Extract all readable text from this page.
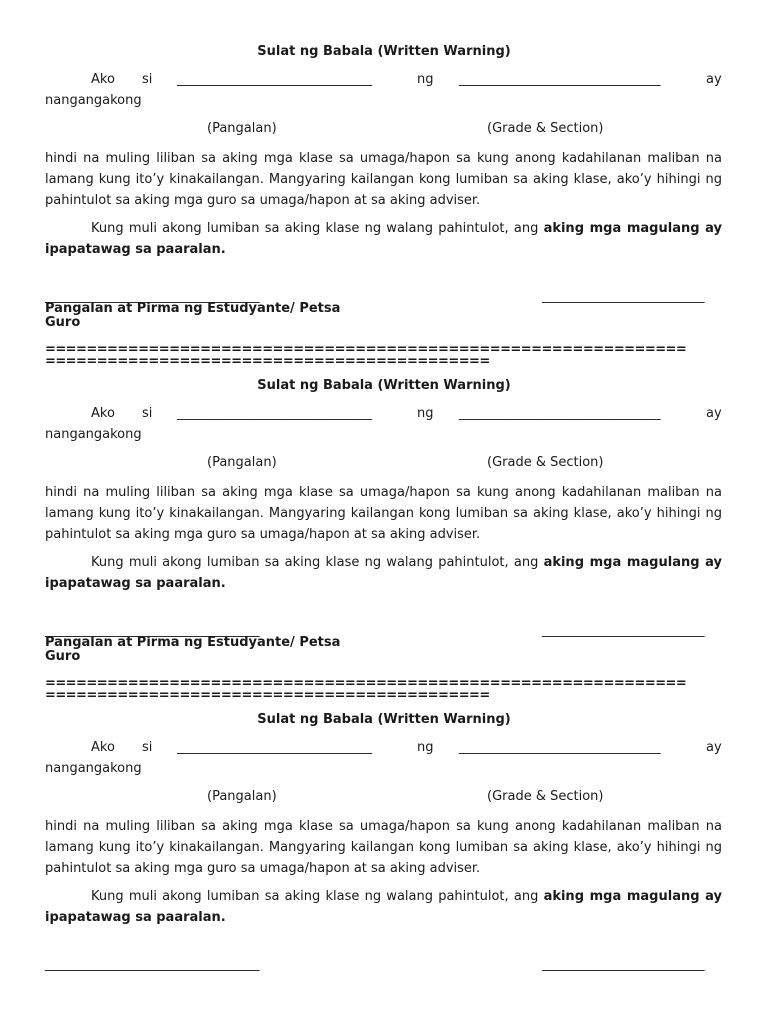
Sulat ng Babala (Written Warning)
Ako si ______________________________	ng _______________________________	ay
nangangakong
(Pangalan)	(Grade & Section)
hindi na muling liliban sa aking mga klase sa umaga/hapon sa kung anong kadahilanan maliban na lamang kung ito’y kinakailangan. Mangyaring kailangan kong lumiban sa aking klase, ako’y hihingi ng pahintulot sa aking mga guro sa umaga/hapon at sa aking adviser.
Kung muli akong lumiban sa aking klase ng walang pahintulot, ang aking mga magulang ay ipapatawag sa paaralan.
_________________________________	_________________________
Pangalan at Pirma ng Estudyante/ Petsa
Guro
==============================================================
===========================================
Sulat ng Babala (Written Warning)
Ako si ______________________________	ng _______________________________	ay
nangangakong
(Pangalan)	(Grade & Section)
hindi na muling liliban sa aking mga klase sa umaga/hapon sa kung anong kadahilanan maliban na lamang kung ito’y kinakailangan. Mangyaring kailangan kong lumiban sa aking klase, ako’y hihingi ng pahintulot sa aking mga guro sa umaga/hapon at sa aking adviser.
Kung muli akong lumiban sa aking klase ng walang pahintulot, ang aking mga magulang ay ipapatawag sa paaralan.
_________________________________	_________________________
Pangalan at Pirma ng Estudyante/ Petsa
Guro
==============================================================
===========================================
Sulat ng Babala (Written Warning)
Ako si ______________________________	ng _______________________________	ay
nangangakong
(Pangalan)	(Grade & Section)
hindi na muling liliban sa aking mga klase sa umaga/hapon sa kung anong kadahilanan maliban na lamang kung ito’y kinakailangan. Mangyaring kailangan kong lumiban sa aking klase, ako’y hihingi ng pahintulot sa aking mga guro sa umaga/hapon at sa aking adviser.
Kung muli akong lumiban sa aking klase ng walang pahintulot, ang aking mga magulang ay ipapatawag sa paaralan.
_________________________________	_________________________
